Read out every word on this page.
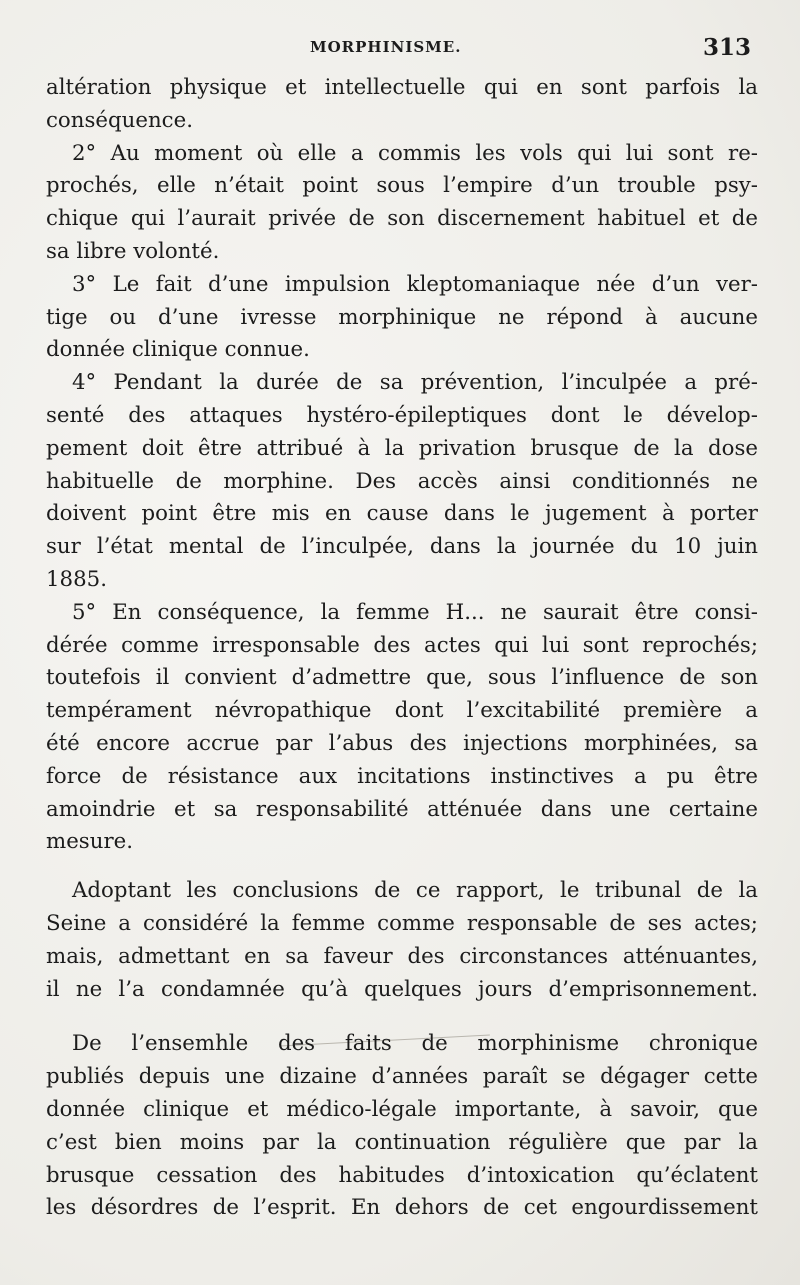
MORPHINISME.	313
altération physique et intellectuelle qui en sont parfois la
conséquence.
2° Au moment où elle a commis les vols qui lui sont re-
prochés, elle n’était point sous l’empire d’un trouble psy-
chique qui l’aurait privée de son discernement habituel et de
sa libre volonté.
3° Le fait d’une impulsion kleptomaniaque née d’un ver-
tige ou d’une ivresse morphinique ne répond à aucune
donnée clinique connue.
4° Pendant la durée de sa prévention, l’inculpée a pré-
senté des attaques hystéro-épileptiques dont le dévelop-
pement doit être attribué à la privation brusque de la dose
habituelle de morphine. Des accès ainsi conditionnés ne
doivent point être mis en cause dans le jugement à porter
sur l’état mental de l’inculpée, dans la journée du 10 juin
1885.
5° En conséquence, la femme H... ne saurait être consi-
dérée comme irresponsable des actes qui lui sont reprochés;
toutefois il convient d’admettre que, sous l’influence de son
tempérament névropathique dont l’excitabilité première a
été encore accrue par l’abus des injections morphinées, sa
force de résistance aux incitations instinctives a pu être
amoindrie et sa responsabilité atténuée dans une certaine
mesure.
Adoptant les conclusions de ce rapport, le tribunal de la
Seine a considéré la femme comme responsable de ses actes;
mais, admettant en sa faveur des circonstances atténuantes,
il ne l’a condamnée qu’à quelques jours d’emprisonnement.
De l’ensemhle des faits de morphinisme chronique
publiés depuis une dizaine d’années paraît se dégager cette
donnée clinique et médico-légale importante, à savoir, que
c’est bien moins par la continuation régulière que par la
brusque cessation des habitudes d’intoxication qu’éclatent
les désordres de l’esprit. En dehors de cet engourdissement
